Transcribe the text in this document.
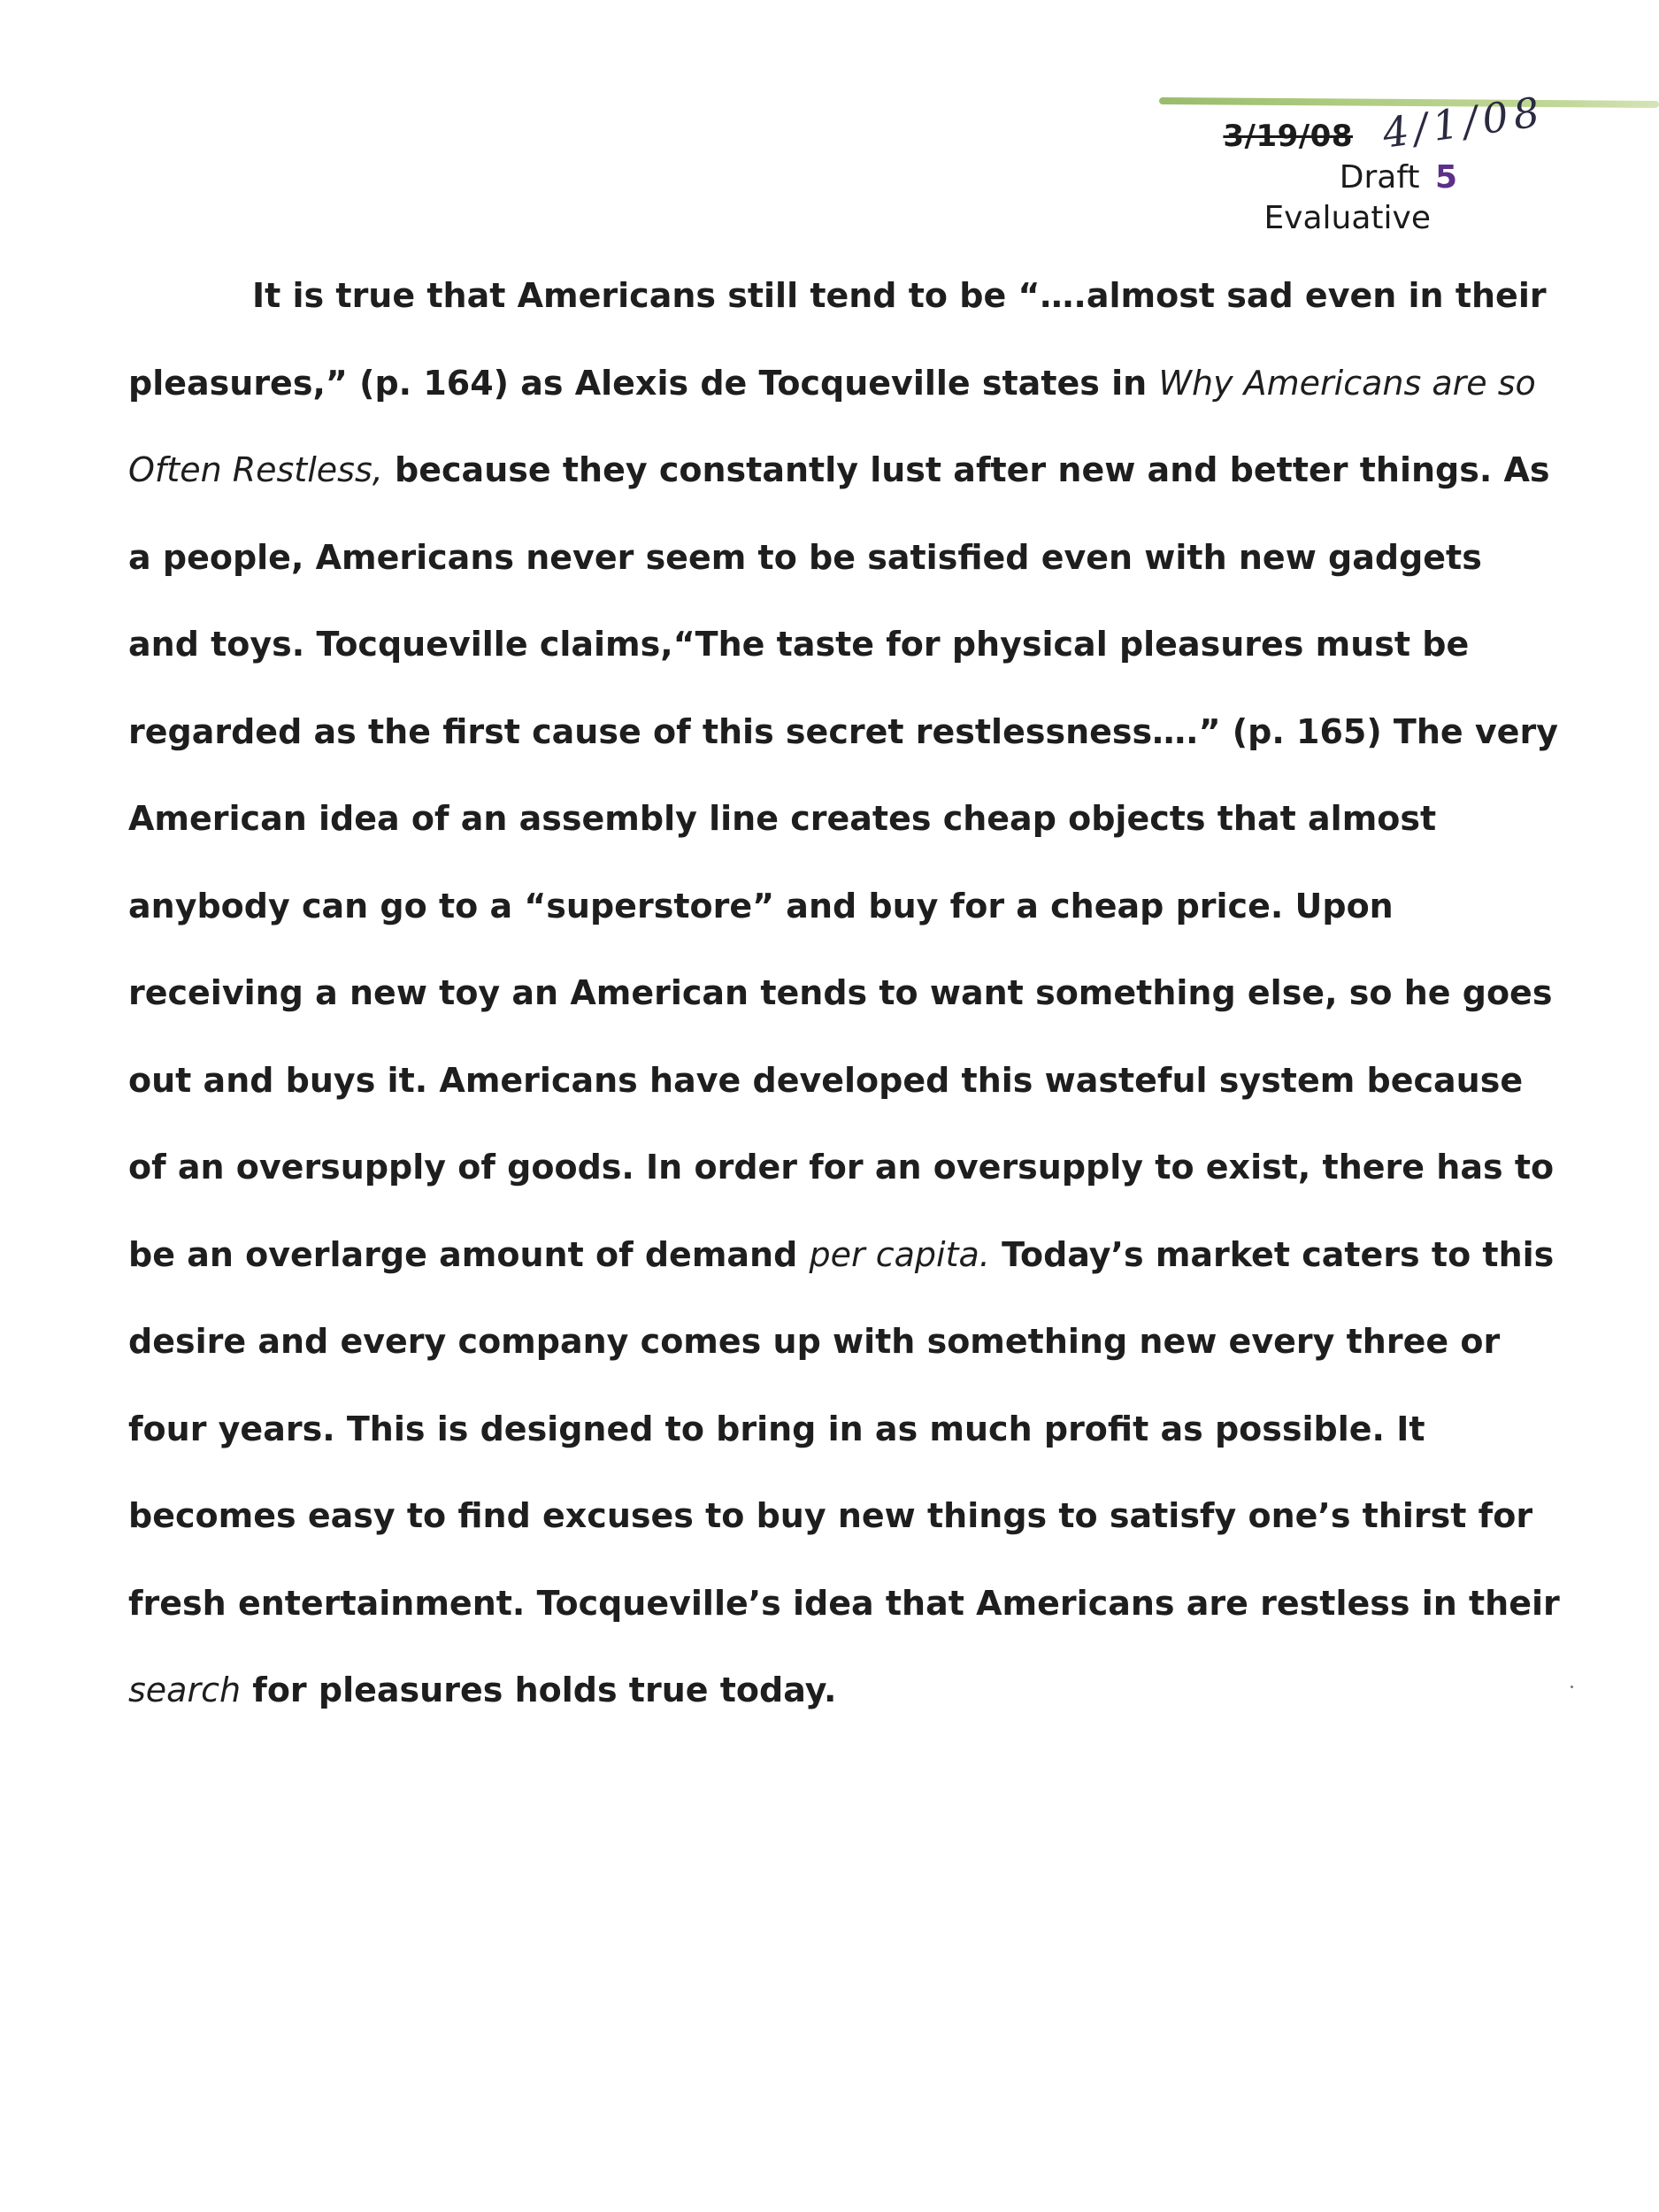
3/19/08 4/1/08
Draft 5
Evaluative

It is true that Americans still tend to be “….almost sad even in their pleasures,” (p. 164) as Alexis de Tocqueville states in Why Americans are so Often Restless, because they constantly lust after new and better things. As a people, Americans never seem to be satisfied even with new gadgets and toys. Tocqueville claims,“The taste for physical pleasures must be regarded as the first cause of this secret restlessness….” (p. 165) The very American idea of an assembly line creates cheap objects that almost anybody can go to a “superstore” and buy for a cheap price. Upon receiving a new toy an American tends to want something else, so he goes out and buys it. Americans have developed this wasteful system because of an oversupply of goods. In order for an oversupply to exist, there has to be an overlarge amount of demand per capita. Today’s market caters to this desire and every company comes up with something new every three or four years. This is designed to bring in as much profit as possible. It becomes easy to find excuses to buy new things to satisfy one’s thirst for fresh entertainment. Tocqueville’s idea that Americans are restless in their search for pleasures holds true today.
